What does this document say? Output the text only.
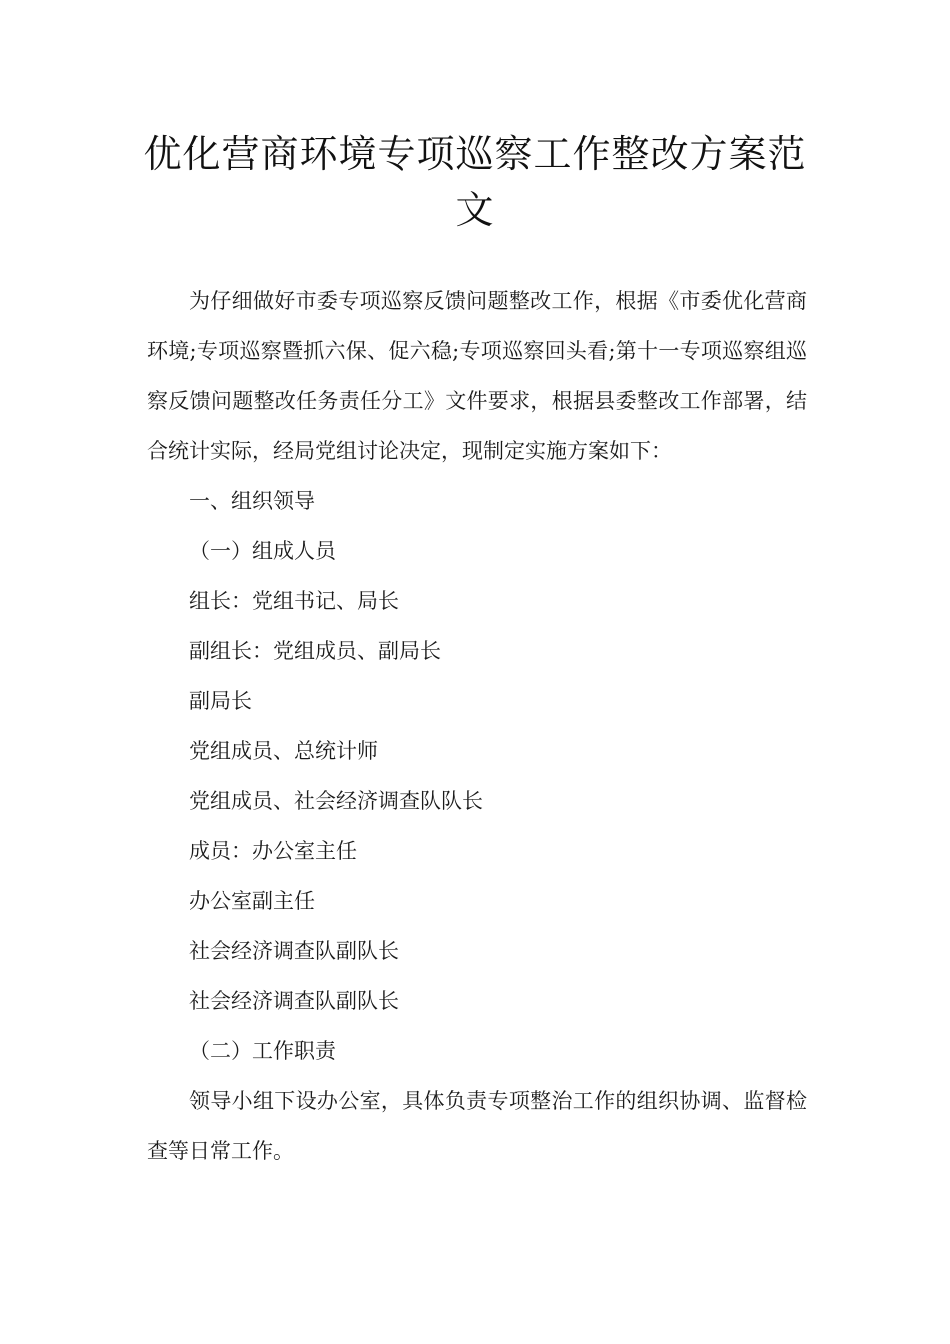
优化营商环境专项巡察工作整改方案范文

为仔细做好市委专项巡察反馈问题整改工作，根据《市委优化营商环境;专项巡察暨抓六保、促六稳;专项巡察回头看;第十一专项巡察组巡察反馈问题整改任务责任分工》文件要求，根据县委整改工作部署，结合统计实际，经局党组讨论决定，现制定实施方案如下：

一、组织领导

（一）组成人员

组长：党组书记、局长

副组长：党组成员、副局长

副局长

党组成员、总统计师

党组成员、社会经济调查队队长

成员：办公室主任

办公室副主任

社会经济调查队副队长

社会经济调查队副队长

（二）工作职责

领导小组下设办公室，具体负责专项整治工作的组织协调、监督检查等日常工作。
